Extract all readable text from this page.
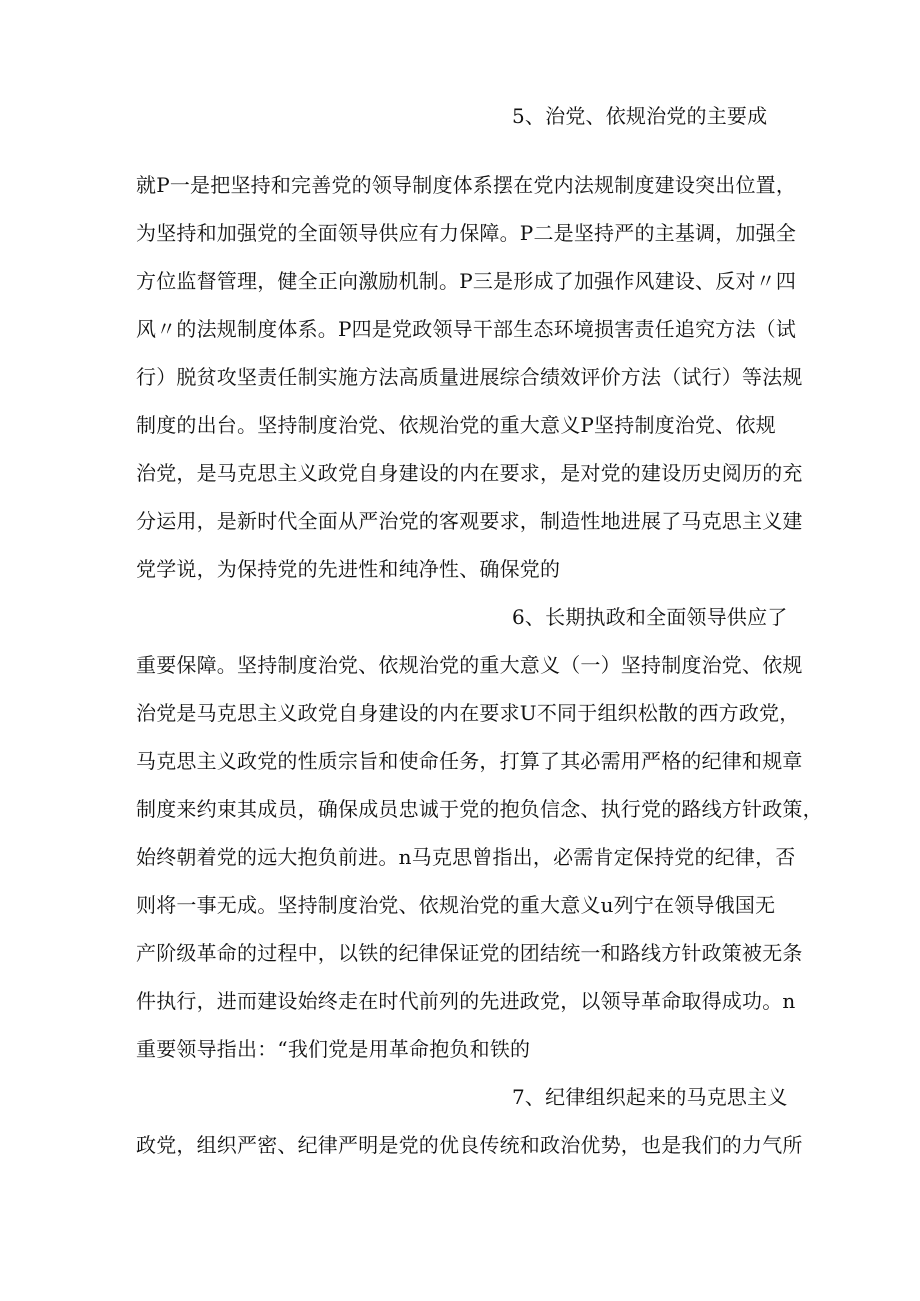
5、治党、依规治党的主要成
就P一是把坚持和完善党的领导制度体系摆在党内法规制度建设突出位置，
为坚持和加强党的全面领导供应有力保障。P二是坚持严的主基调，加强全
方位监督管理，健全正向激励机制。P三是形成了加强作风建设、反对〃四
风〃的法规制度体系。P四是党政领导干部生态环境损害责任追究方法（试
行）脱贫攻坚责任制实施方法高质量进展综合绩效评价方法（试行）等法规
制度的出台。坚持制度治党、依规治党的重大意义P坚持制度治党、依规
治党，是马克思主义政党自身建设的内在要求，是对党的建设历史阅历的充
分运用，是新时代全面从严治党的客观要求，制造性地进展了马克思主义建
党学说，为保持党的先进性和纯净性、确保党的
6、长期执政和全面领导供应了
重要保障。坚持制度治党、依规治党的重大意义（一）坚持制度治党、依规
治党是马克思主义政党自身建设的内在要求U不同于组织松散的西方政党，
马克思主义政党的性质宗旨和使命任务，打算了其必需用严格的纪律和规章
制度来约束其成员，确保成员忠诚于党的抱负信念、执行党的路线方针政策，
始终朝着党的远大抱负前进。n马克思曾指出，必需肯定保持党的纪律，否
则将一事无成。坚持制度治党、依规治党的重大意义u列宁在领导俄国无
产阶级革命的过程中，以铁的纪律保证党的团结统一和路线方针政策被无条
件执行，进而建设始终走在时代前列的先进政党，以领导革命取得成功。n
重要领导指出：“我们党是用革命抱负和铁的
7、纪律组织起来的马克思主义
政党，组织严密、纪律严明是党的优良传统和政治优势，也是我们的力气所
